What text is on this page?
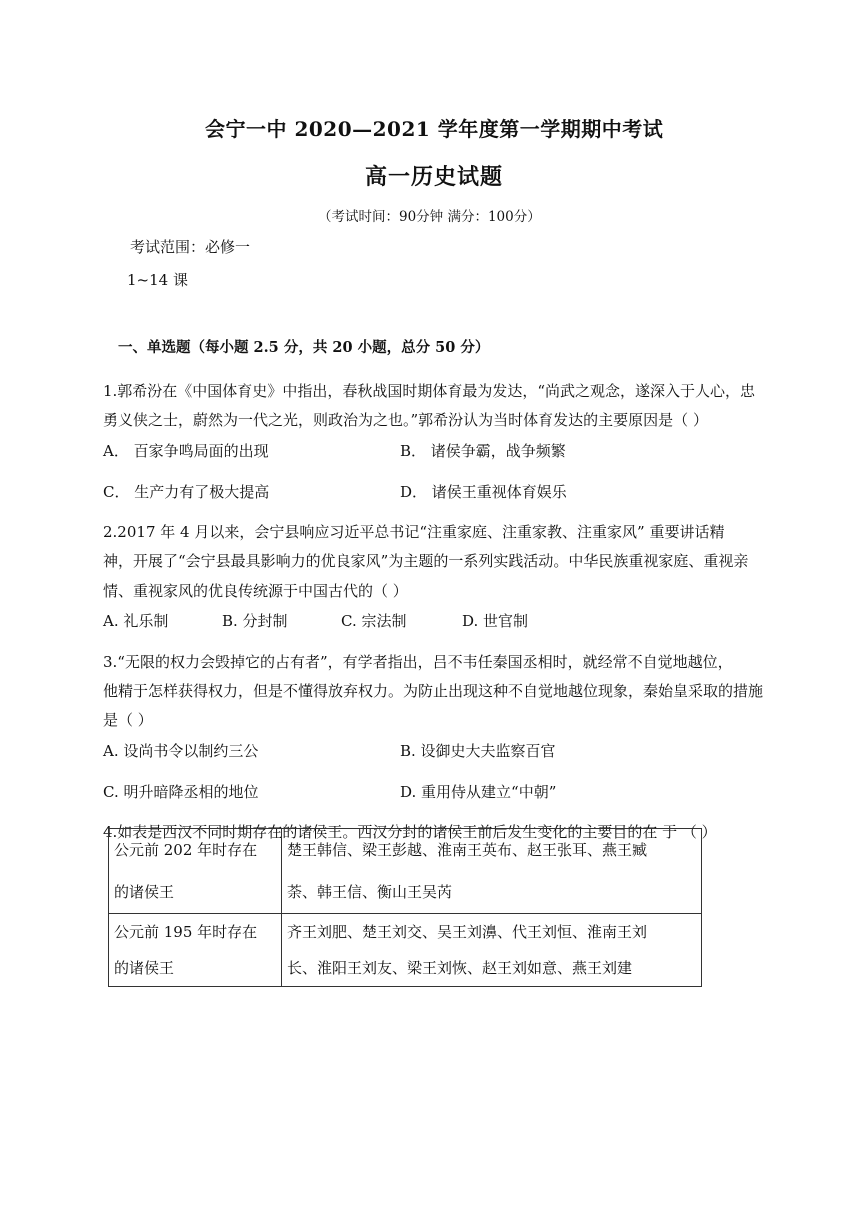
会宁一中 2020—2021 学年度第一学期期中考试
高一历史试题
（考试时间：90分钟 满分：100分）
考试范围：必修一
1~14 课
一、单选题（每小题 2.5 分，共 20 小题，总分 50 分）
1.郭希汾在《中国体育史》中指出，春秋战国时期体育最为发达，“尚武之观念，遂深入于人心，忠
勇义侠之士，蔚然为一代之光，则政治为之也。”郭希汾认为当时体育发达的主要原因是（ ）
A． 百家争鸣局面的出现	B． 诸侯争霸，战争频繁
C． 生产力有了极大提高	D． 诸侯王重视体育娱乐
2.2017 年 4 月以来，会宁县响应习近平总书记“注重家庭、注重家教、注重家风” 重要讲话精
神，开展了“会宁县最具影响力的优良家风”为主题的一系列实践活动。中华民族重视家庭、重视亲
情、重视家风的优良传统源于中国古代的（ ）
A. 礼乐制	B. 分封制	C. 宗法制	D. 世官制
3.“无限的权力会毁掉它的占有者”，有学者指出，吕不韦任秦国丞相时，就经常不自觉地越位，
他精于怎样获得权力，但是不懂得放弃权力。为防止出现这种不自觉地越位现象，秦始皇采取的措施
是（ ）
A. 设尚书令以制约三公	B. 设御史大夫监察百官
C. 明升暗降丞相的地位	D. 重用侍从建立“中朝”
4.如表是西汉不同时期存在的诸侯王。西汉分封的诸侯王前后发生变化的主要目的在 于 （ ）
公元前 202 年时存在
的诸侯王	楚王韩信、梁王彭越、淮南王英布、赵王张耳、燕王臧
荼、韩王信、衡山王吴芮

公元前 195 年时存在
的诸侯王	齐王刘肥、楚王刘交、吴王刘濞、代王刘恒、淮南王刘
长、淮阳王刘友、梁王刘恢、赵王刘如意、燕王刘建
